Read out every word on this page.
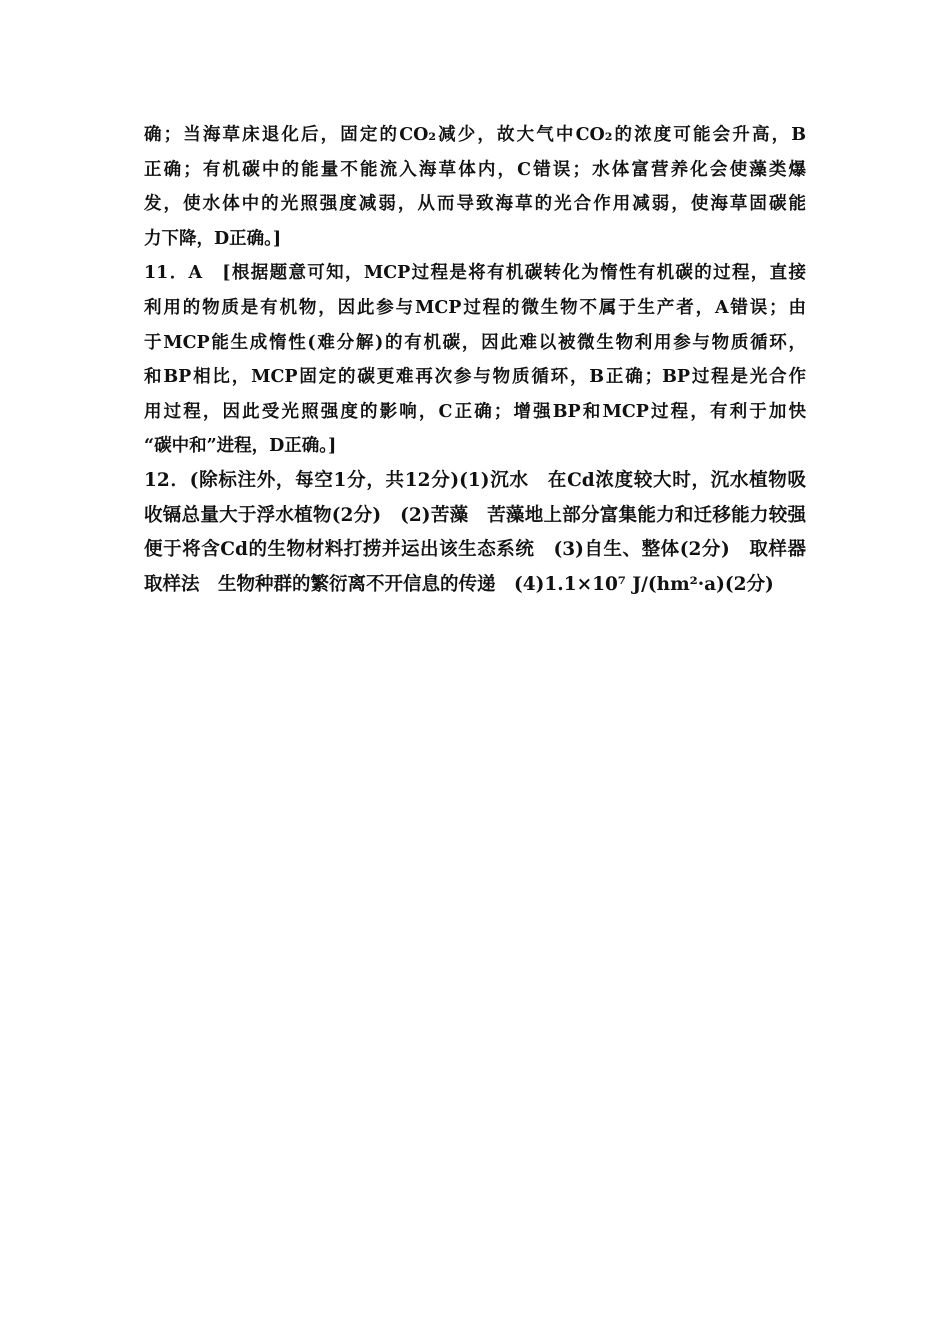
确；当海草床退化后，固定的CO₂减少，故大气中CO₂的浓度可能会升高，B
正确；有机碳中的能量不能流入海草体内，C错误；水体富营养化会使藻类爆
发，使水体中的光照强度减弱，从而导致海草的光合作用减弱，使海草固碳能
力下降，D正确。]
11．A　[根据题意可知，MCP过程是将有机碳转化为惰性有机碳的过程，直接
利用的物质是有机物，因此参与MCP过程的微生物不属于生产者，A错误；由
于MCP能生成惰性(难分解)的有机碳，因此难以被微生物利用参与物质循环，
和BP相比，MCP固定的碳更难再次参与物质循环，B正确；BP过程是光合作
用过程，因此受光照强度的影响，C正确；增强BP和MCP过程，有利于加快
“碳中和”进程，D正确。]
12．(除标注外，每空1分，共12分)(1)沉水　在Cd浓度较大时，沉水植物吸
收镉总量大于浮水植物(2分)　(2)苦藻　苦藻地上部分富集能力和迁移能力较强
便于将含Cd的生物材料打捞并运出该生态系统　(3)自生、整体(2分)　取样器
取样法　生物种群的繁衍离不开信息的传递　(4)1.1×10⁷ J/(hm²·a)(2分)
